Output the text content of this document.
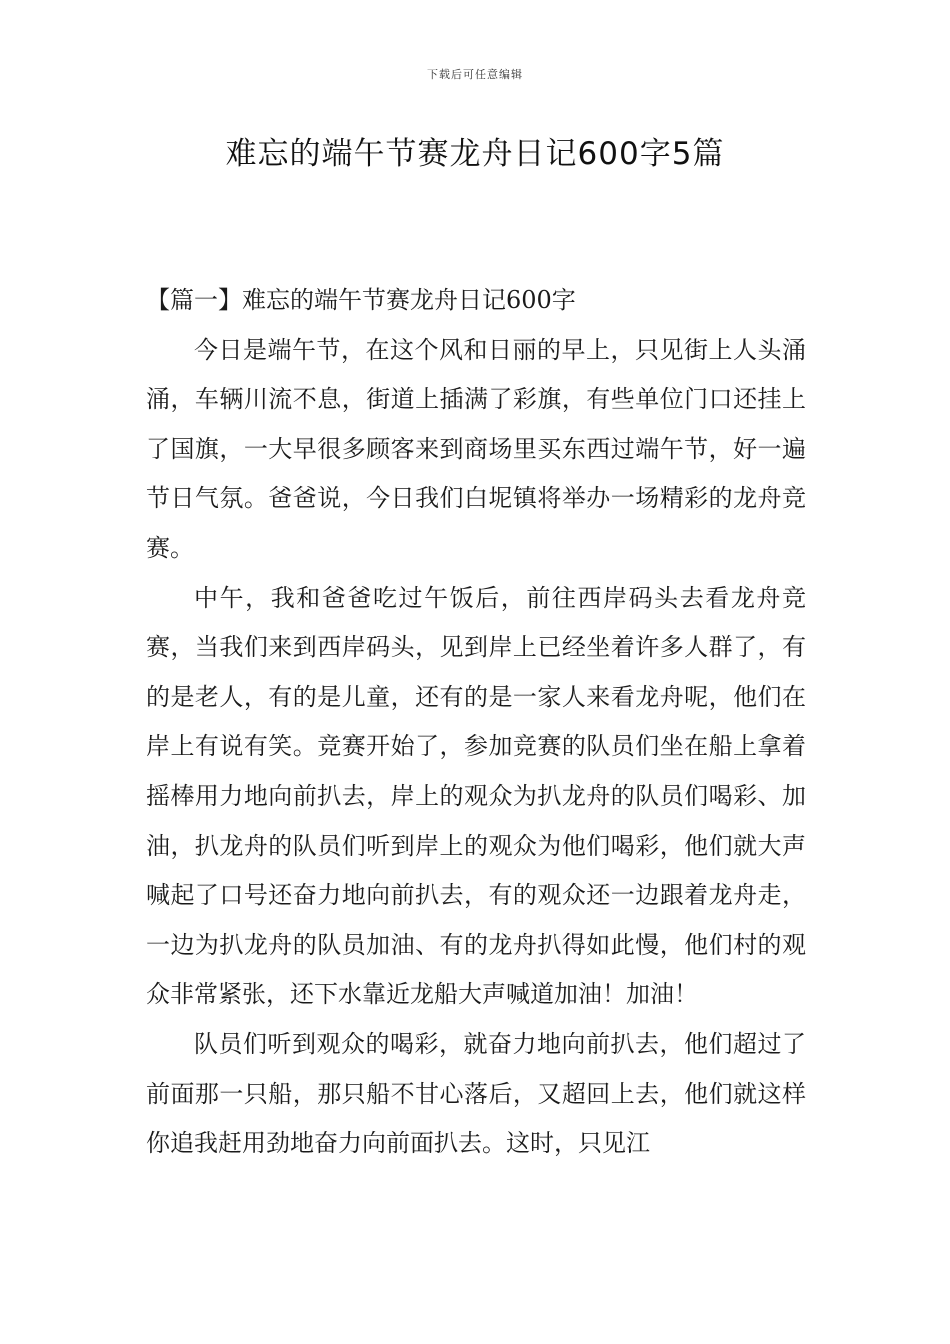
下载后可任意编辑
难忘的端午节赛龙舟日记600字5篇
【篇一】难忘的端午节赛龙舟日记600字

今日是端午节，在这个风和日丽的早上，只见街上人头涌涌，车辆川流不息，街道上插满了彩旗，有些单位门口还挂上了国旗，一大早很多顾客来到商场里买东西过端午节，好一遍节日气氛。爸爸说，今日我们白坭镇将举办一场精彩的龙舟竞赛。

中午，我和爸爸吃过午饭后，前往西岸码头去看龙舟竞赛，当我们来到西岸码头，见到岸上已经坐着许多人群了，有的是老人，有的是儿童，还有的是一家人来看龙舟呢，他们在岸上有说有笑。竞赛开始了，参加竞赛的队员们坐在船上拿着摇棒用力地向前扒去，岸上的观众为扒龙舟的队员们喝彩、加油，扒龙舟的队员们听到岸上的观众为他们喝彩，他们就大声喊起了口号还奋力地向前扒去，有的观众还一边跟着龙舟走，一边为扒龙舟的队员加油、有的龙舟扒得如此慢，他们村的观众非常紧张，还下水靠近龙船大声喊道加油！加油！

队员们听到观众的喝彩，就奋力地向前扒去，他们超过了前面那一只船，那只船不甘心落后，又超回上去，他们就这样你追我赶用劲地奋力向前面扒去。这时，只见江
